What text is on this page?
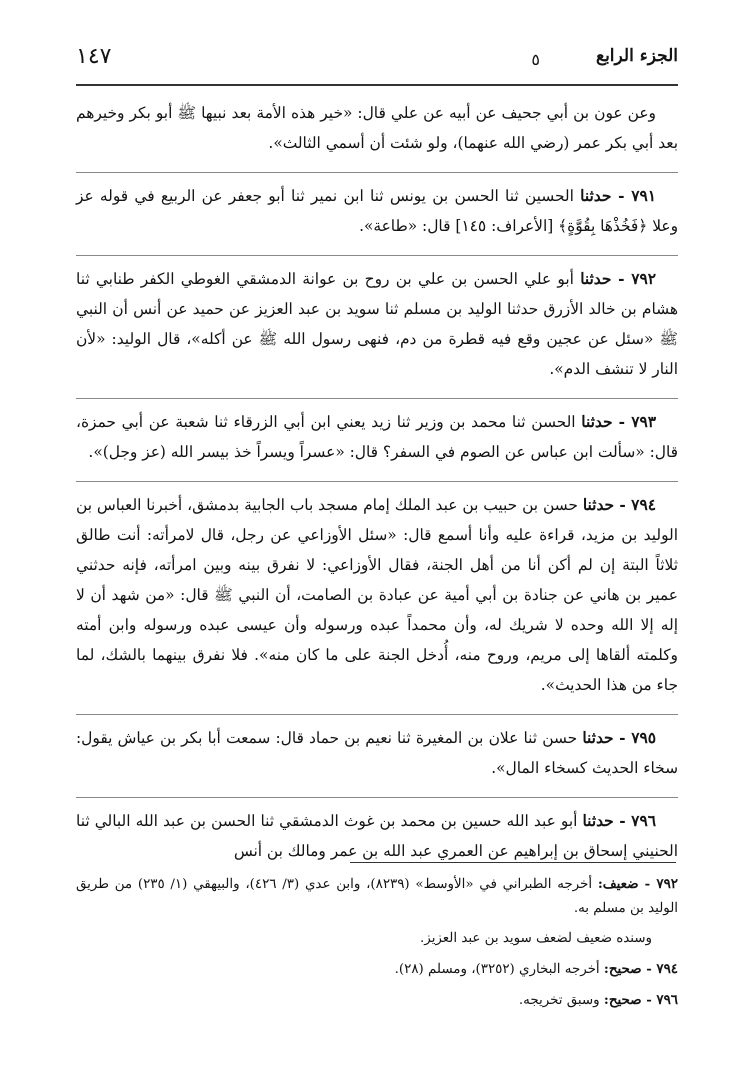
١٤٧	الجزء الرابع
٥

وعن عون بن أبي جحيف عن أبيه عن علي قال: «خير هذه الأمة بعد نبيها ﷺ أبو بكر وخيرهم بعد أبي بكر عمر (رضي الله عنهما)، ولو شئت أن أسمي الثالث».

٧٩١ - حدثنا الحسين ثنا الحسن بن يونس ثنا ابن نمير ثنا أبو جعفر عن الربيع في قوله عز وعلا ﴿فَخُذْهَا بِقُوَّةٍ﴾ [الأعراف: ١٤٥] قال: «طاعة».

٧٩٢ - حدثنا أبو علي الحسن بن علي بن روح بن عوانة الدمشقي الغوطي الكفر طنابي ثنا هشام بن خالد الأزرق حدثنا الوليد بن مسلم ثنا سويد بن عبد العزيز عن حميد عن أنس أن النبي ﷺ «سئل عن عجين وقع فيه قطرة من دم، فنهى رسول الله ﷺ عن أكله»، قال الوليد: «لأن النار لا تنشف الدم».

٧٩٣ - حدثنا الحسن ثنا محمد بن وزير ثنا زيد يعني ابن أبي الزرقاء ثنا شعبة عن أبي حمزة، قال: «سألت ابن عباس عن الصوم في السفر؟ قال: «عسراً ويسراً خذ بيسر الله (عز وجل)».

٧٩٤ - حدثنا حسن بن حبيب بن عبد الملك إمام مسجد باب الجابية بدمشق، أخبرنا العباس بن الوليد بن مزيد، قراءة عليه وأنا أسمع قال: «سئل الأوزاعي عن رجل، قال لامرأته: أنت طالق ثلاثاً البتة إن لم أكن أنا من أهل الجنة، فقال الأوزاعي: لا نفرق بينه وبين امرأته، فإنه حدثني عمير بن هاني عن جنادة بن أبي أمية عن عبادة بن الصامت، أن النبي ﷺ قال: «من شهد أن لا إله إلا الله وحده لا شريك له، وأن محمداً عبده ورسوله وأن عيسى عبده ورسوله وابن أمته وكلمته ألقاها إلى مريم، وروح منه، أُدخل الجنة على ما كان منه». فلا نفرق بينهما بالشك، لما جاء من هذا الحديث».

٧٩٥ - حدثنا حسن ثنا علان بن المغيرة ثنا نعيم بن حماد قال: سمعت أبا بكر بن عياش يقول: سخاء الحديث كسخاء المال».

٧٩٦ - حدثنا أبو عبد الله حسين بن محمد بن غوث الدمشقي ثنا الحسن بن عبد الله البالي ثنا الحنيني إسحاق بن إبراهيم عن العمري عبد الله بن عمر ومالك بن أنس

٧٩٢ - ضعيف: أخرجه الطبراني في «الأوسط» (٨٢٣٩)، وابن عدي (٣/ ٤٢٦)، والبيهقي (١/ ٢٣٥) من طريق الوليد بن مسلم به.

وسنده ضعيف لضعف سويد بن عبد العزيز.

٧٩٤ - صحيح: أخرجه البخاري (٣٢٥٢)، ومسلم (٢٨).

٧٩٦ - صحيح: وسبق تخريجه.
